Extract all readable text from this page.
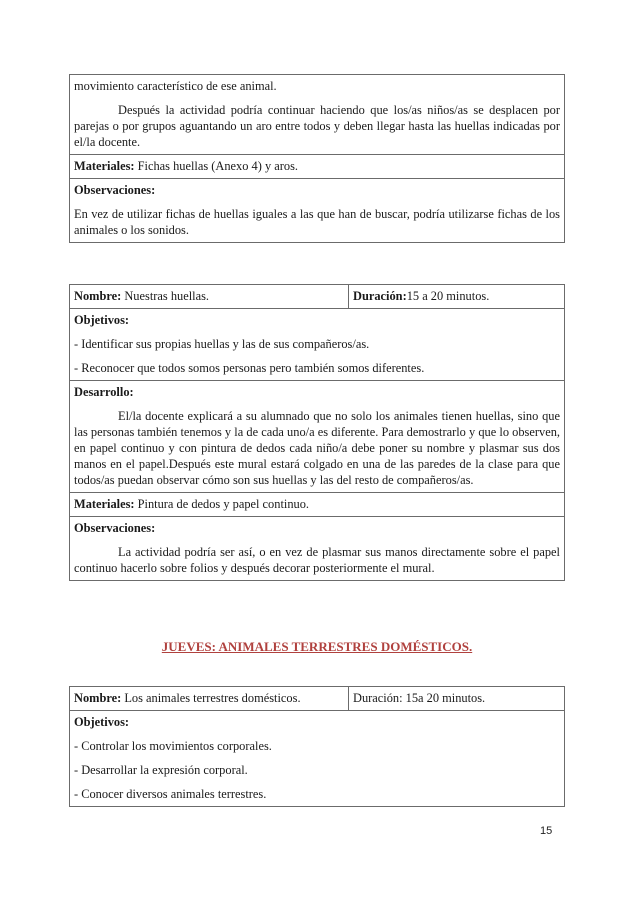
movimiento característico de ese animal.

Después la actividad podría continuar haciendo que los/as niños/as se desplacen por parejas o por grupos aguantando un aro entre todos y deben llegar hasta las huellas indicadas por el/la docente.

Materiales: Fichas huellas (Anexo 4) y aros.

Observaciones:

En vez de utilizar fichas de huellas iguales a las que han de buscar, podría utilizarse fichas de los animales o los sonidos.

Nombre: Nuestras huellas.	Duración:15 a 20 minutos.

Objetivos:

- Identificar sus propias huellas y las de sus compañeros/as.

- Reconocer que todos somos personas pero también somos diferentes.

Desarrollo:

El/la docente explicará a su alumnado que no solo los animales tienen huellas, sino que las personas también tenemos y la de cada uno/a es diferente. Para demostrarlo y que lo observen, en papel continuo y con pintura de dedos cada niño/a debe poner su nombre y plasmar sus dos manos en el papel.Después este mural estará colgado en una de las paredes de la clase para que todos/as puedan observar cómo son sus huellas y las del resto de compañeros/as.

Materiales: Pintura de dedos y papel continuo.

Observaciones:

La actividad podría ser así, o en vez de plasmar sus manos directamente sobre el papel continuo hacerlo sobre folios y después decorar posteriormente el mural.

JUEVES: ANIMALES TERRESTRES DOMÉSTICOS.
Nombre: Los animales terrestres domésticos.	Duración: 15a 20 minutos.

Objetivos:

- Controlar los movimientos corporales.

- Desarrollar la expresión corporal.

- Conocer diversos animales terrestres.

15
